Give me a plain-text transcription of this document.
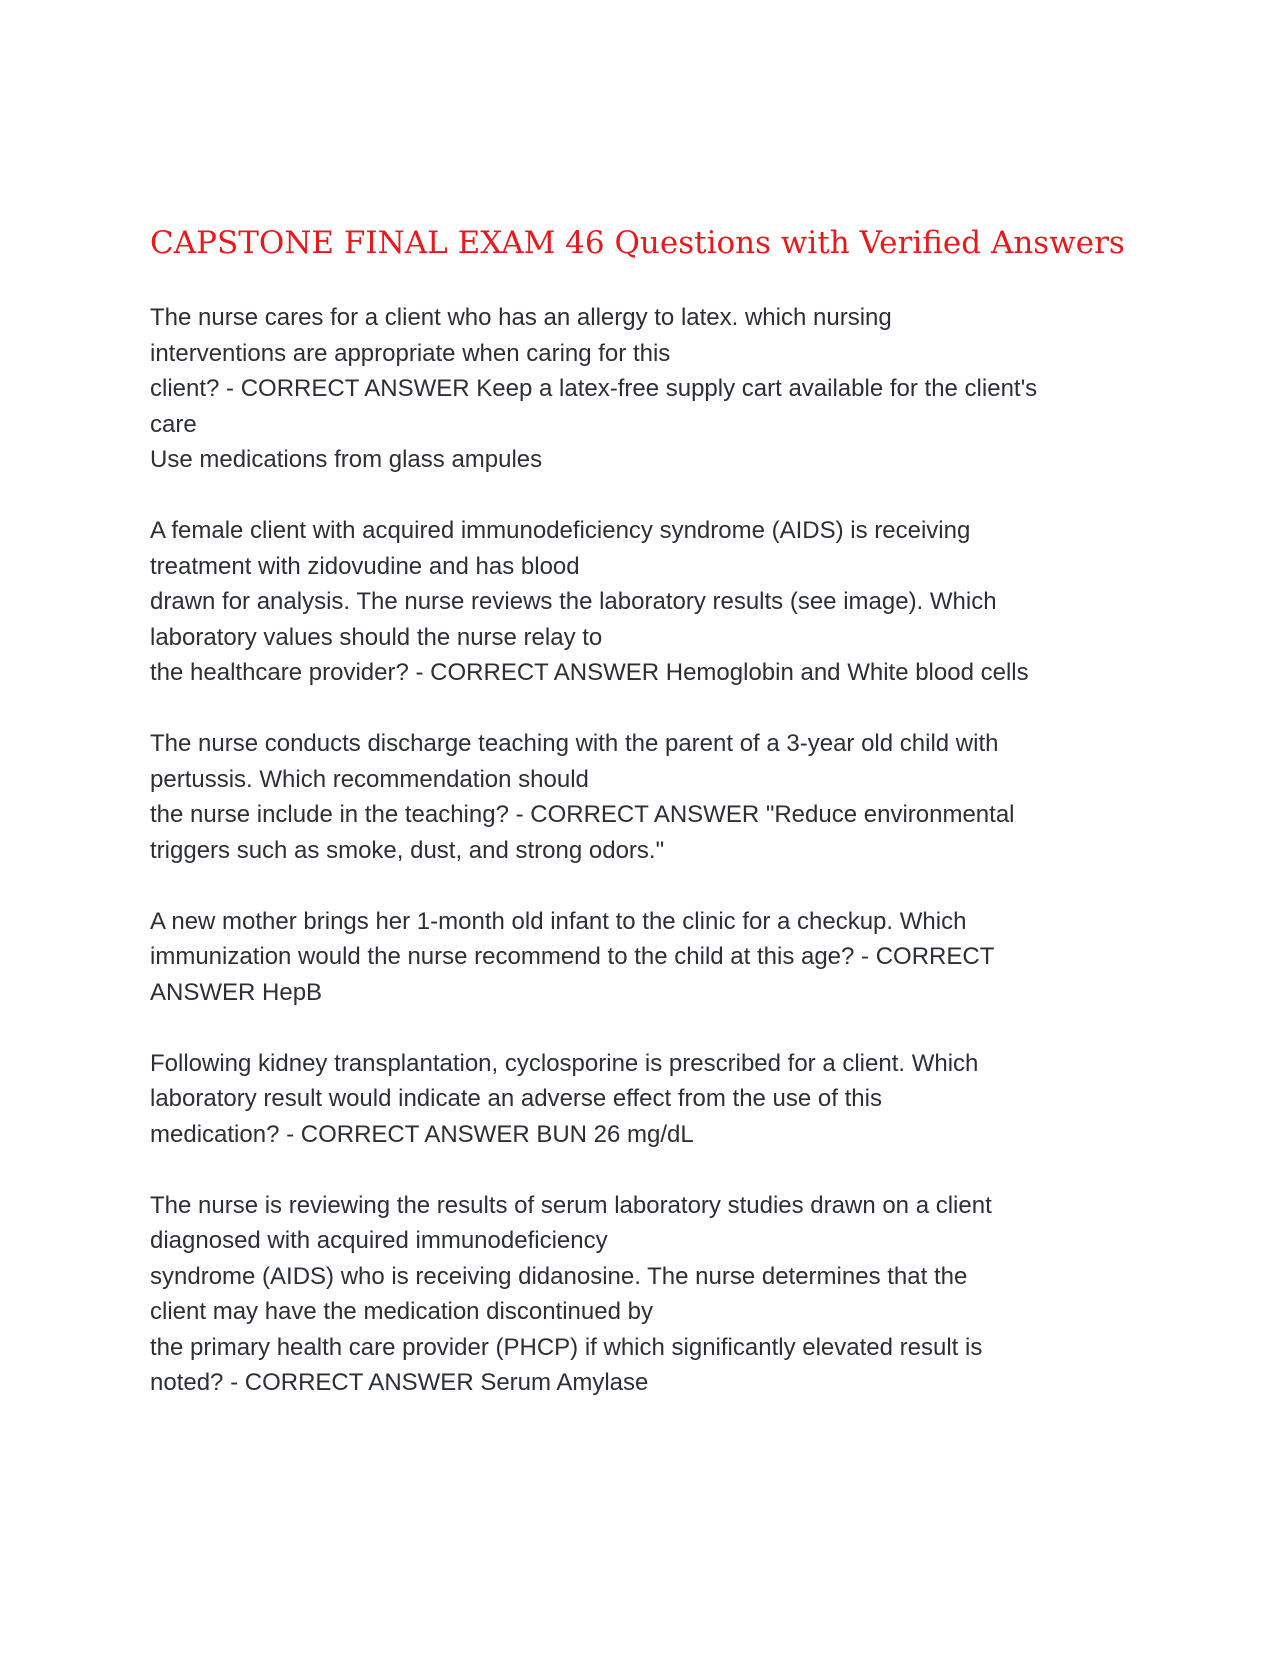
CAPSTONE FINAL EXAM 46 Questions with Verified Answers

The nurse cares for a client who has an allergy to latex. which nursing
interventions are appropriate when caring for this
client? - CORRECT ANSWER Keep a latex-free supply cart available for the client's
care
Use medications from glass ampules

A female client with acquired immunodeficiency syndrome (AIDS) is receiving
treatment with zidovudine and has blood
drawn for analysis. The nurse reviews the laboratory results (see image). Which
laboratory values should the nurse relay to
the healthcare provider? - CORRECT ANSWER Hemoglobin and White blood cells

The nurse conducts discharge teaching with the parent of a 3-year old child with
pertussis. Which recommendation should
the nurse include in the teaching? - CORRECT ANSWER "Reduce environmental
triggers such as smoke, dust, and strong odors."

A new mother brings her 1-month old infant to the clinic for a checkup. Which
immunization would the nurse recommend to the child at this age? - CORRECT
ANSWER HepB

Following kidney transplantation, cyclosporine is prescribed for a client. Which
laboratory result would indicate an adverse effect from the use of this
medication? - CORRECT ANSWER BUN 26 mg/dL

The nurse is reviewing the results of serum laboratory studies drawn on a client
diagnosed with acquired immunodeficiency
syndrome (AIDS) who is receiving didanosine. The nurse determines that the
client may have the medication discontinued by
the primary health care provider (PHCP) if which significantly elevated result is
noted? - CORRECT ANSWER Serum Amylase
